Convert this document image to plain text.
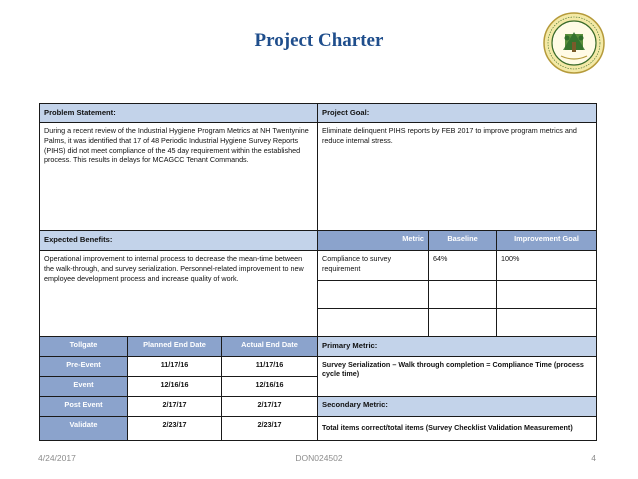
Project Charter
Problem Statement:			Project Goal:		
During a recent review of the Industrial Hygiene Program Metrics at NH Twentynine Palms, it was identified that 17 of 48 Periodic Industrial Hygiene Survey Reports (PIHS) did not meet compliance of the 45 day requirement within the established process. This results in delays for MCAGCC Tenant Commands.			Eliminate delinquent PIHS reports by FEB 2017 to improve program metrics and reduce internal stress.		
Expected Benefits:			Metric	Baseline	Improvement Goal
Operational improvement to internal process to decrease the mean-time between the walk-through, and survey serialization. Personnel-related improvement to new employee development process and increase quality of work.			Compliance to survey requirement	64%	100%

Tollgate	Planned End Date	Actual End Date	Primary Metric:		
Pre-Event	11/17/16	11/17/16	Survey Serialization – Walk through completion = Compliance Time (process cycle time)		
Event	12/16/16	12/16/16			
Post Event	2/17/17	2/17/17	Secondary Metric:		
Validate	2/23/17	2/23/17	Total items correct/total items (Survey Checklist Validation Measurement)		
4/24/2017	DON024502	4
